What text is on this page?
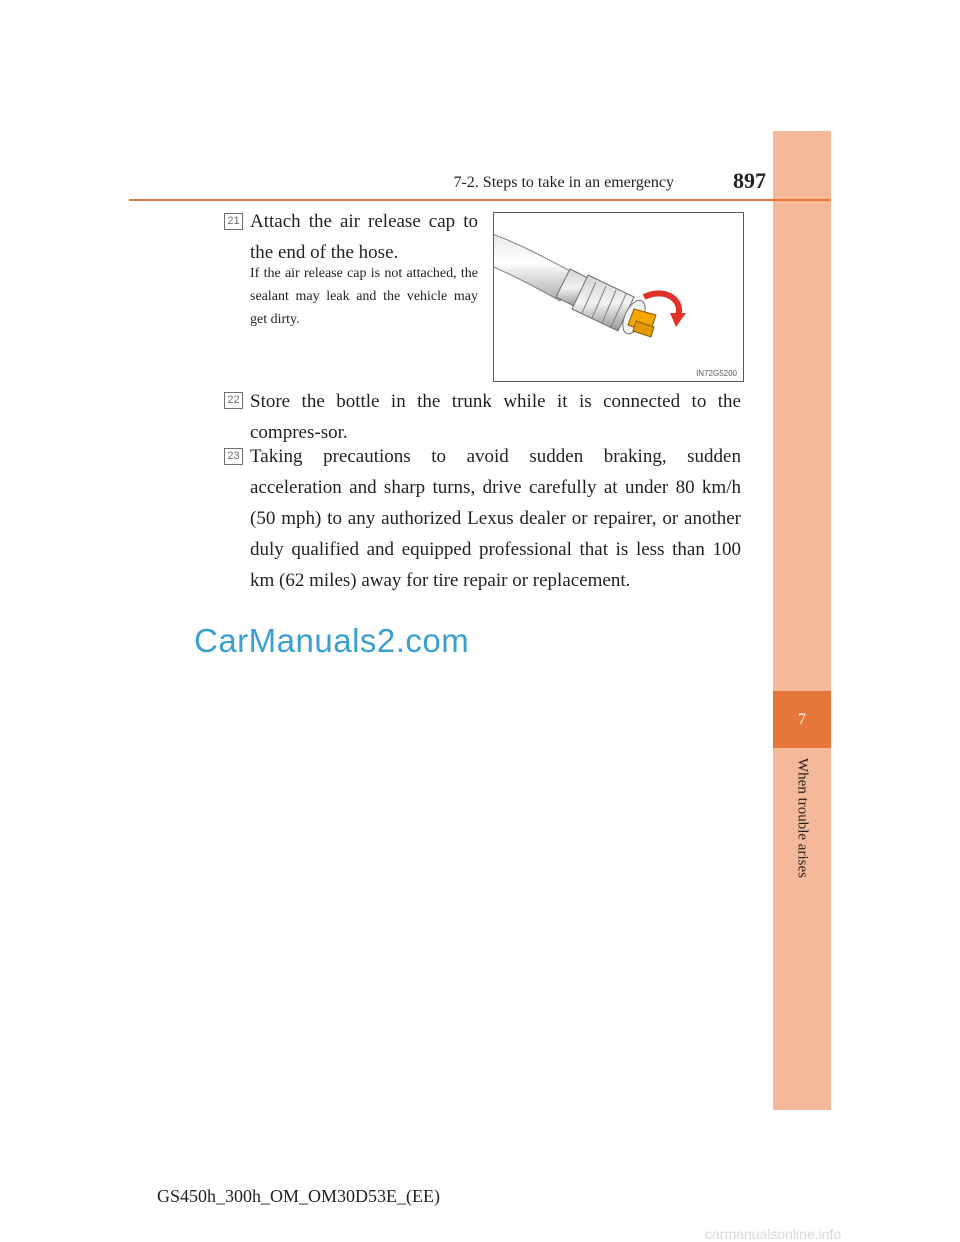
7
When trouble arises
7-2. Steps to take in an emergency	897
21 Attach the air release cap to the end of the hose.
If the air release cap is not attached, the sealant may leak and the vehicle may get dirty.
IN72G5200
22 Store the bottle in the trunk while it is connected to the compres-sor.
23 Taking precautions to avoid sudden braking, sudden acceleration and sharp turns, drive carefully at under 80 km/h (50 mph) to any authorized Lexus dealer or repairer, or another duly qualified and equipped professional that is less than 100 km (62 miles) away for tire repair or replacement.
CarManuals2.com
GS450h_300h_OM_OM30D53E_(EE)
carmanualsonline.info
